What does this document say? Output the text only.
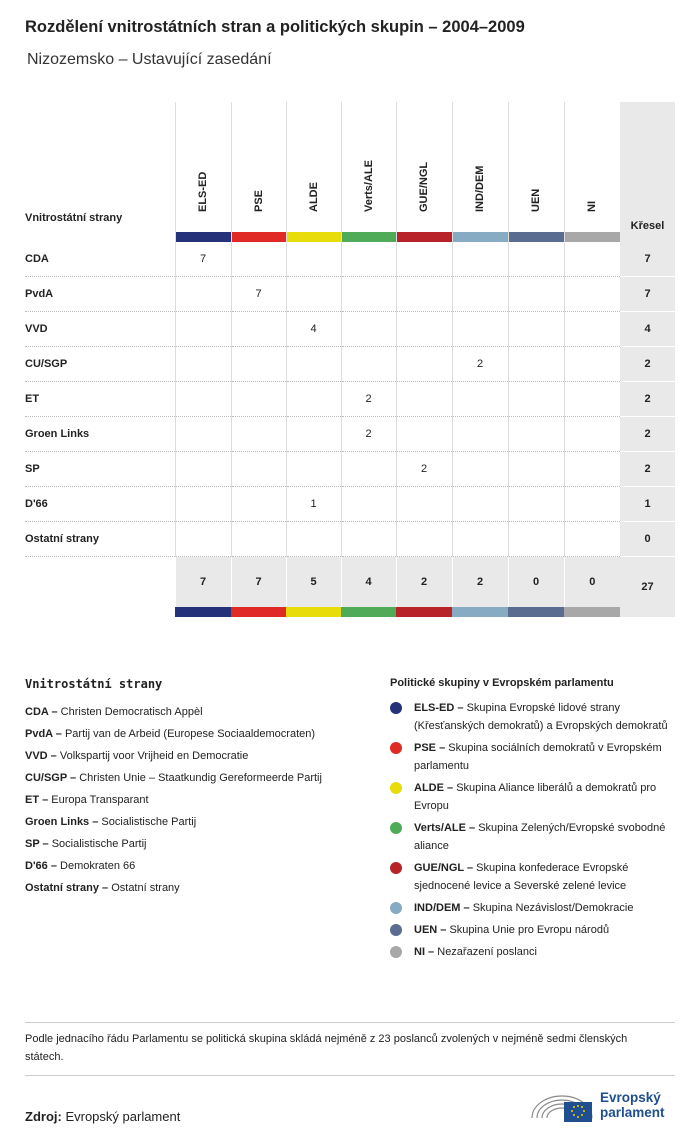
Rozdělení vnitrostátních stran a politických skupin – 2004–2009
Nizozemsko – Ustavující zasedání
Vnitrostátní strany	ELS-ED	PSE	ALDE	Verts/ALE	GUE/NGL	IND/DEM	UEN	NI	Křesel
CDA	7								7
PvdA		7							7
VVD			4						4
CU/SGP						2			2
ET				2					2
Groen Links				2					2
SP					2				2
D'66			1						1
Ostatní strany									0
	7	7	5	4	2	2	0	0	27

Vnitrostátní strany
CDA – Christen Democratisch Appèl
PvdA – Partij van de Arbeid (Europese Sociaaldemocraten)
VVD – Volkspartij voor Vrijheid en Democratie
CU/SGP – Christen Unie – Staatkundig Gereformeerde Partij
ET – Europa Transparant
Groen Links – Socialistische Partij
SP – Socialistische Partij
D'66 – Demokraten 66
Ostatní strany – Ostatní strany
Politické skupiny v Evropském parlamentu
ELS-ED – Skupina Evropské lidové strany (Křesťanských demokratů) a Evropských demokratů
PSE – Skupina sociálních demokratů v Evropském parlamentu
ALDE – Skupina Aliance liberálů a demokratů pro Evropu
Verts/ALE – Skupina Zelených/Evropské svobodné aliance
GUE/NGL – Skupina konfederace Evropské sjednocené levice a Severské zelené levice
IND/DEM – Skupina Nezávislost/Demokracie
UEN – Skupina Unie pro Evropu národů
NI – Nezařazení poslanci
Podle jednacího řádu Parlamentu se politická skupina skládá nejméně z 23 poslanců zvolených v nejméně sedmi členských státech.
Zdroj: Evropský parlament
Evropský
parlament
